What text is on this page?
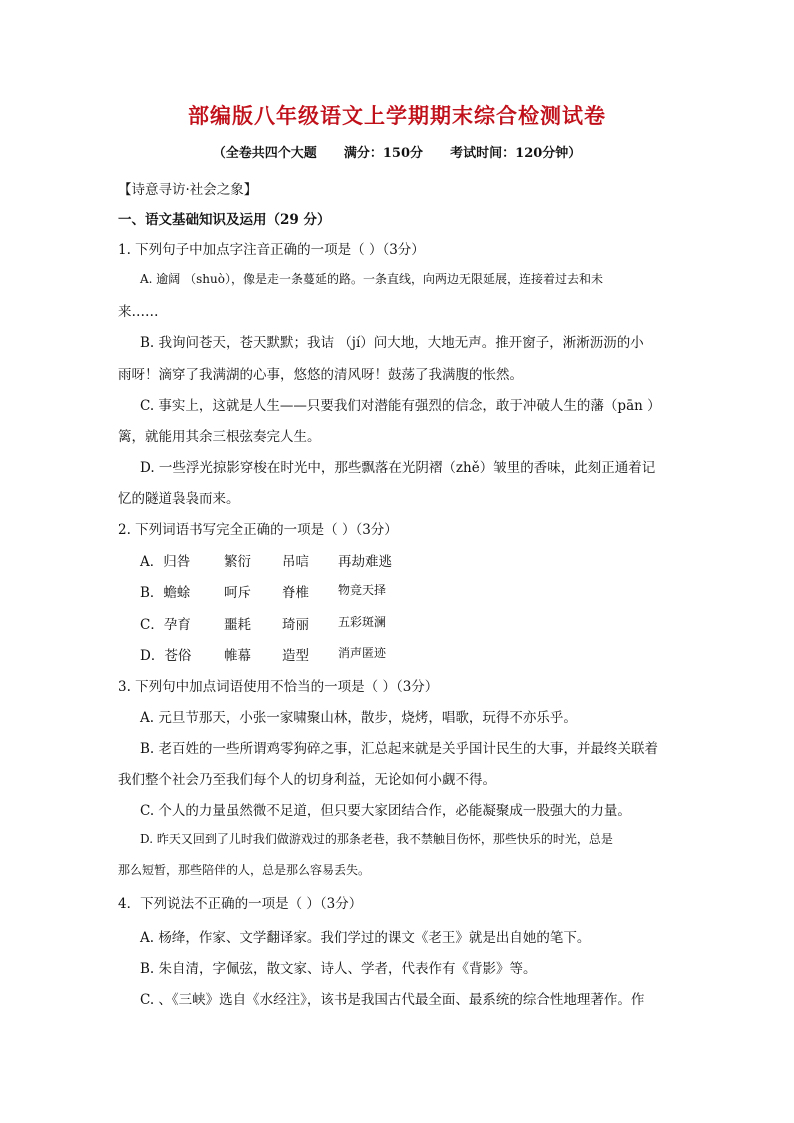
部编版八年级语文上学期期末综合检测试卷
（全卷共四个大题      满分：150分      考试时间：120分钟）
【诗意寻访·社会之象】
一、语文基础知识及运用（29 分）
1. 下列句子中加点字注音正确的一项是（ ）（3分）
A. 逾阔 （shuò），像是走一条蔓延的路。一条直线，向两边无限延展，连接着过去和未
来……
B. 我询问苍天，苍天默默；我诘 （jí）问大地，大地无声。推开窗子，淅淅沥沥的小
雨呀！滴穿了我满湖的心事，悠悠的清风呀！鼓荡了我满腹的怅然。
C. 事实上，这就是人生——只要我们对潜能有强烈的信念，敢于冲破人生的藩（pān ）
篱，就能用其余三根弦奏完人生。
D. 一些浮光掠影穿梭在时光中，那些飘落在光阴褶（zhě）皱里的香味，此刻正通着记
忆的隧道袅袅而来。
2. 下列词语书写完全正确的一项是（ ）（3分）
A．归咎	繁衍 吊唁 再劫难逃
B．蟾蜍 呵斥 脊椎 物竞天择
C．孕育 噩耗 琦丽 五彩斑澜
D．苍俗 帷幕 造型 消声匿迹
3. 下列句中加点词语使用不恰当的一项是（ ）（3分）
A. 元旦节那天，小张一家啸聚山林，散步，烧烤，唱歌，玩得不亦乐乎。
B. 老百姓的一些所谓鸡零狗碎之事，汇总起来就是关乎国计民生的大事，并最终关联着
我们整个社会乃至我们每个人的切身利益，无论如何小觑不得。
C. 个人的力量虽然微不足道，但只要大家团结合作，必能凝聚成一股强大的力量。
D. 昨天又回到了儿时我们做游戏过的那条老巷，我不禁触目伤怀，那些快乐的时光，总是
那么短暂，那些陪伴的人，总是那么容易丢失。
4．下列说法不正确的一项是（ ）（3分）
A. 杨绛，作家、文学翻译家。我们学过的课文《老王》就是出自她的笔下。
B. 朱自清，字佩弦，散文家、诗人、学者，代表作有《背影》等。
C. 、《三峡》选自《水经注》，该书是我国古代最全面、最系统的综合性地理著作。作
